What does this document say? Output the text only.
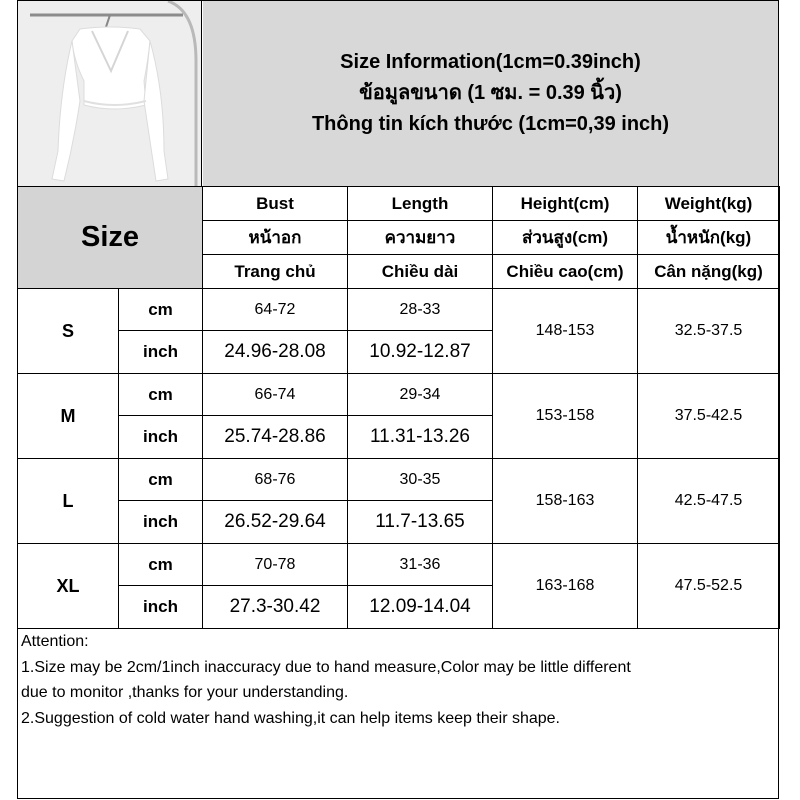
Size Information(1cm=0.39inch)
ข้อมูลขนาด (1 ซม. = 0.39 นิ้ว)
Thông tin kích thước (1cm=0,39 inch)
Size		Bust	Length	Height(cm)	Weight(kg)
		หน้าอก	ความยาว	ส่วนสูง(cm)	น้ำหนัก(kg)
		Trang chủ	Chiều dài	Chiều cao(cm)	Cân nặng(kg)
S	cm	64-72	28-33	148-153	32.5-37.5
	inch	24.96-28.08	10.92-12.87		
M	cm	66-74	29-34	153-158	37.5-42.5
	inch	25.74-28.86	11.31-13.26		
L	cm	68-76	30-35	158-163	42.5-47.5
	inch	26.52-29.64	11.7-13.65		
XL	cm	70-78	31-36	163-168	47.5-52.5
	inch	27.3-30.42	12.09-14.04		
Attention:
1.Size may be 2cm/1inch inaccuracy due to hand measure,Color may be little different
due to monitor ,thanks for your understanding.
2.Suggestion of cold water hand washing,it can help items keep their shape.
